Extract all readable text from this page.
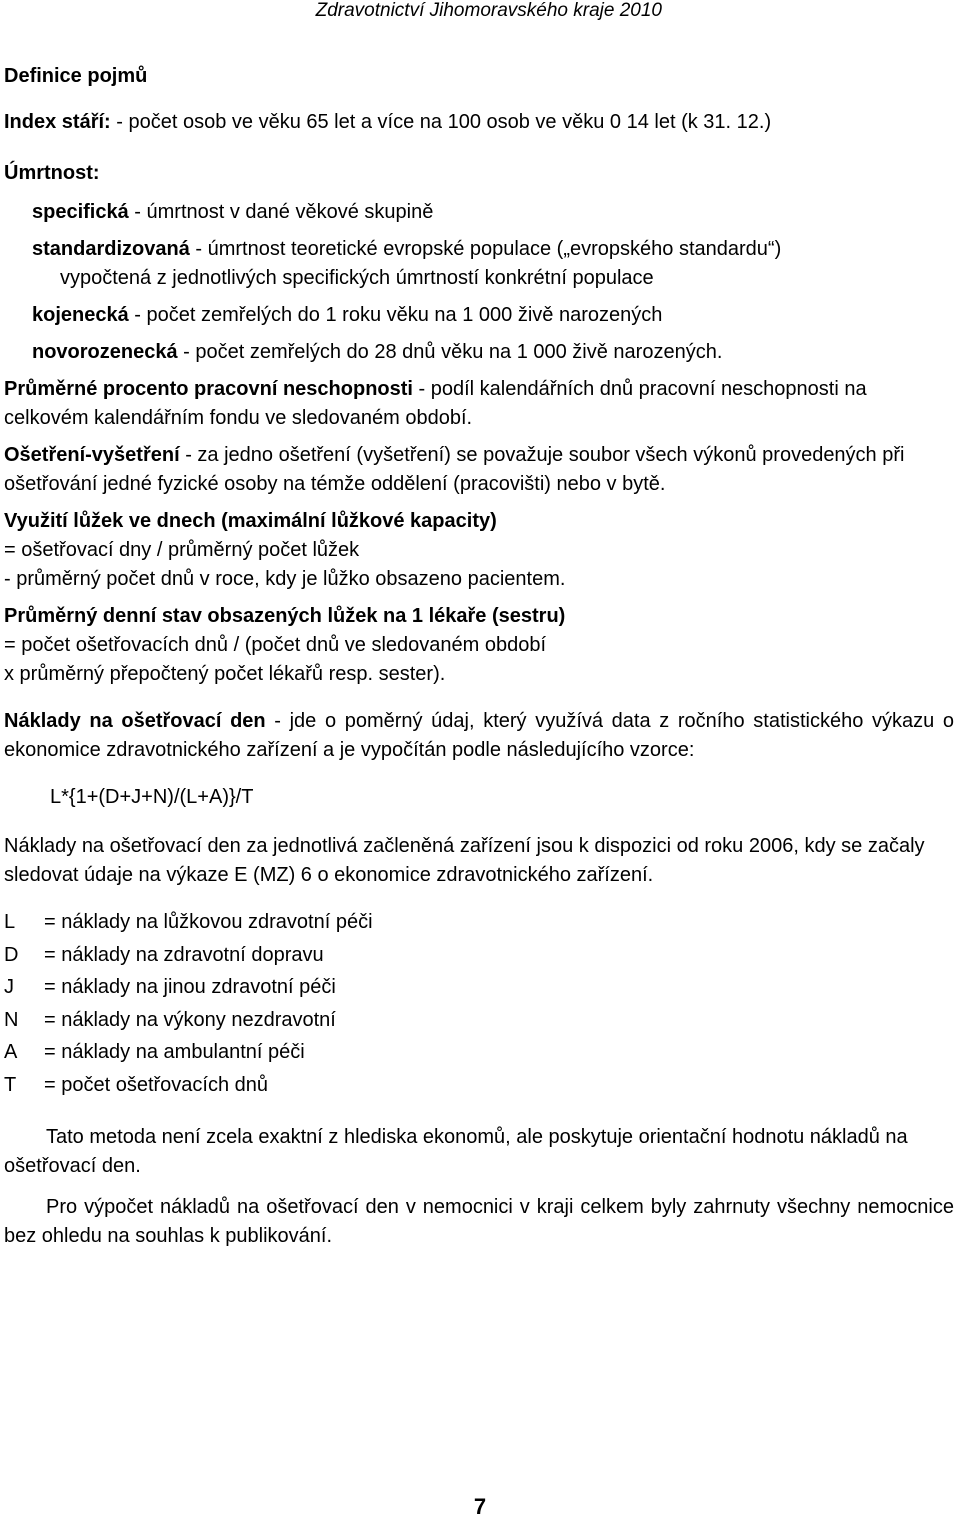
Zdravotnictví Jihomoravského kraje 2010

Definice pojmů

Index stáří: - počet osob ve věku 65 let a více na 100 osob ve věku 0 14 let (k 31. 12.)

Úmrtnost:

specifická - úmrtnost v dané věkové skupině

standardizovaná - úmrtnost teoretické evropské populace („evropského standardu“)

vypočtená z jednotlivých specifických úmrtností konkrétní populace

kojenecká - počet zemřelých do 1 roku věku na 1 000 živě narozených

novorozenecká - počet zemřelých do 28 dnů věku na 1 000 živě narozených.

Průměrné procento pracovní neschopnosti - podíl kalendářních dnů pracovní neschopnosti na celkovém kalendářním fondu ve sledovaném období.

Ošetření-vyšetření - za jedno ošetření (vyšetření) se považuje soubor všech výkonů provedených při ošetřování jedné fyzické osoby na témže oddělení (pracovišti) nebo v bytě.

Využití lůžek ve dnech (maximální lůžkové kapacity)

= ošetřovací dny / průměrný počet lůžek

- průměrný počet dnů v roce, kdy je lůžko obsazeno pacientem.

Průměrný denní stav obsazených lůžek na 1 lékaře (sestru)

= počet ošetřovacích dnů / (počet dnů ve sledovaném období

x průměrný přepočtený počet lékařů resp. sester).

Náklady na ošetřovací den - jde o poměrný údaj, který využívá data z ročního statistického výkazu o ekonomice zdravotnického zařízení a je vypočítán podle následujícího vzorce:

L*{1+(D+J+N)/(L+A)}/T

Náklady na ošetřovací den za jednotlivá začleněná zařízení jsou k dispozici od roku 2006, kdy se začaly sledovat údaje na výkaze E (MZ) 6 o ekonomice zdravotnického zařízení.

L	= náklady na lůžkovou zdravotní péči
D	= náklady na zdravotní dopravu
J	= náklady na jinou zdravotní péči
N	= náklady na výkony nezdravotní
A	= náklady na ambulantní péči
T	= počet ošetřovacích dnů

Tato metoda není zcela exaktní z hlediska ekonomů, ale poskytuje orientační hodnotu nákladů na ošetřovací den.

Pro výpočet nákladů na ošetřovací den v nemocnici v kraji celkem byly zahrnuty všechny nemocnice bez ohledu na souhlas k publikování.

7
